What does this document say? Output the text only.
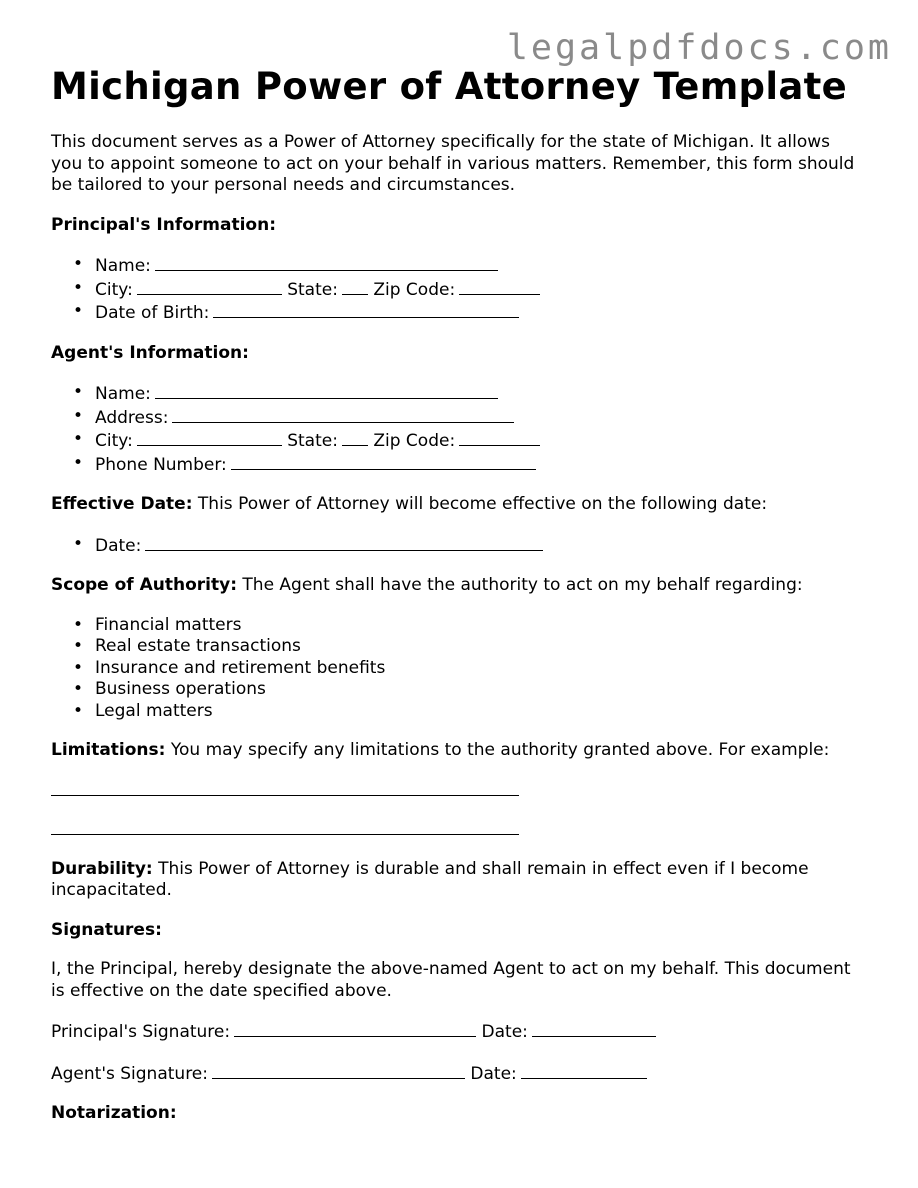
legalpdfdocs.com
Michigan Power of Attorney Template

This document serves as a Power of Attorney specifically for the state of Michigan. It allows you to appoint someone to act on your behalf in various matters. Remember, this form should be tailored to your personal needs and circumstances.

Principal's Information:

• Name:
• City:	State: Zip Code:
• Date of Birth:

Agent's Information:

• Name:
• Address:
• City:	State: Zip Code:
• Phone Number:

Effective Date: This Power of Attorney will become effective on the following date:

• Date:

Scope of Authority: The Agent shall have the authority to act on my behalf regarding:

• Financial matters
• Real estate transactions
• Insurance and retirement benefits
• Business operations
• Legal matters

Limitations: You may specify any limitations to the authority granted above. For example:

Durability: This Power of Attorney is durable and shall remain in effect even if I become incapacitated.

Signatures:

I, the Principal, hereby designate the above-named Agent to act on my behalf. This document is effective on the date specified above.

Principal's Signature:	Date:

Agent's Signature:	Date:

Notarization:
